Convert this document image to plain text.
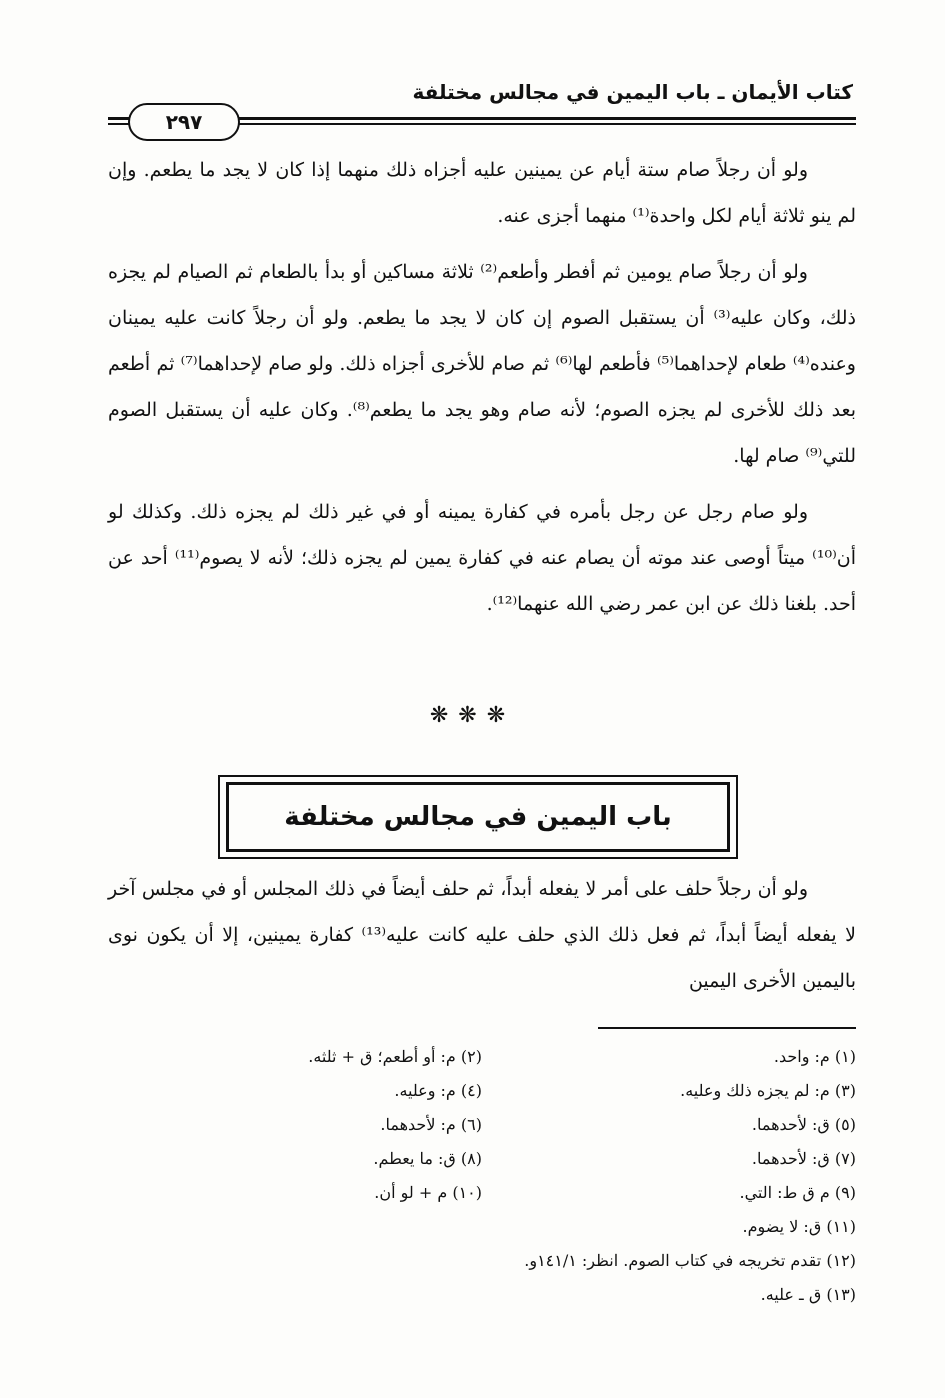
كتاب الأيمان ـ باب اليمين في مجالس مختلفة
٢٩٧

ولو أن رجلاً صام ستة أيام عن يمينين عليه أجزاه ذلك منهما إذا كان لا يجد ما يطعم. وإن لم ينو ثلاثة أيام لكل واحدة⁽¹⁾ منهما أجزى عنه.

ولو أن رجلاً صام يومين ثم أفطر وأطعم⁽²⁾ ثلاثة مساكين أو بدأ بالطعام ثم الصيام لم يجزه ذلك، وكان عليه⁽³⁾ أن يستقبل الصوم إن كان لا يجد ما يطعم. ولو أن رجلاً كانت عليه يمينان وعنده⁽⁴⁾ طعام لإحداهما⁽⁵⁾ فأطعم لها⁽⁶⁾ ثم صام للأخرى أجزاه ذلك. ولو صام لإحداهما⁽⁷⁾ ثم أطعم بعد ذلك للأخرى لم يجزه الصوم؛ لأنه صام وهو يجد ما يطعم⁽⁸⁾. وكان عليه أن يستقبل الصوم للتي⁽⁹⁾ صام لها.

ولو صام رجل عن رجل بأمره في كفارة يمينه أو في غير ذلك لم يجزه ذلك. وكذلك لو أن⁽¹⁰⁾ ميتاً أوصى عند موته أن يصام عنه في كفارة يمين لم يجزه ذلك؛ لأنه لا يصوم⁽¹¹⁾ أحد عن أحد. بلغنا ذلك عن ابن عمر رضي الله عنهما⁽¹²⁾.

❋❋❋
باب اليمين في مجالس مختلفة

ولو أن رجلاً حلف على أمر لا يفعله أبداً، ثم حلف أيضاً في ذلك المجلس أو في مجلس آخر لا يفعله أيضاً أبداً، ثم فعل ذلك الذي حلف عليه كانت عليه⁽¹³⁾ كفارة يمينين، إلا أن يكون نوى باليمين الأخرى اليمين

(١) م: واحد.
(٢) م: أو أطعم؛ ق + ثلثه.
(٣) م: لم يجزه ذلك وعليه.
(٤) م: وعليه.
(٥) ق: لأحدهما.
(٦) م: لأحدهما.
(٧) ق: لأحدهما.
(٨) ق: ما يعطم.
(٩) م ق ط: التي.
(١٠) م + لو أن.
(١١) ق: لا يضوم.
(١٢) تقدم تخريجه في كتاب الصوم. انظر: ١٤١/١و.
(١٣) ق ـ عليه.
